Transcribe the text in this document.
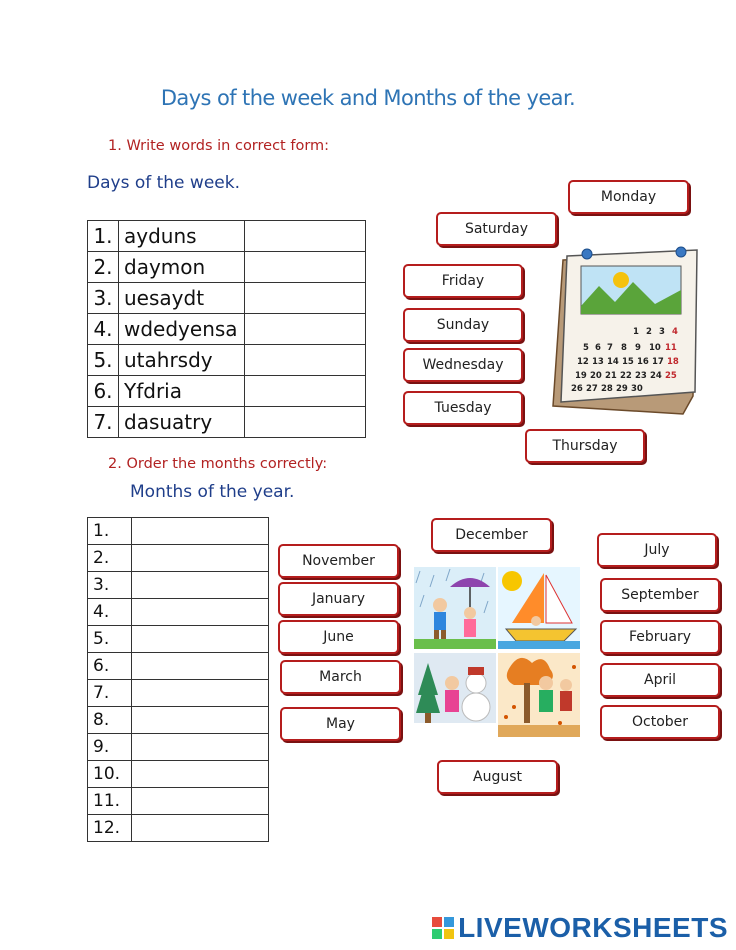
Days of the week and Months of the year.
1. Write words in correct form:
Days of the week.
1.	ayduns	
2.	daymon	
3.	uesaydt	
4.	wdedyensa	
5.	utahrsdy	
6.	Yfdria	
7.	dasuatry	
Monday
Saturday
Friday
Sunday
Wednesday
Tuesday
Thursday
1 2 3 4
5 6 7 8 9 10 11
12 13 14 15 16 17 18
19 20 21 22 23 24 25
26 27 28 29 30
2. Order the months correctly:
Months of the year.
1.	
2.	
3.	
4.	
5.	
6.	
7.	
8.	
9.	
10.	
11.	
12.	
December
November
January
June
March
May
August
July
September
February
April
October
LIVEWORKSHEETS
